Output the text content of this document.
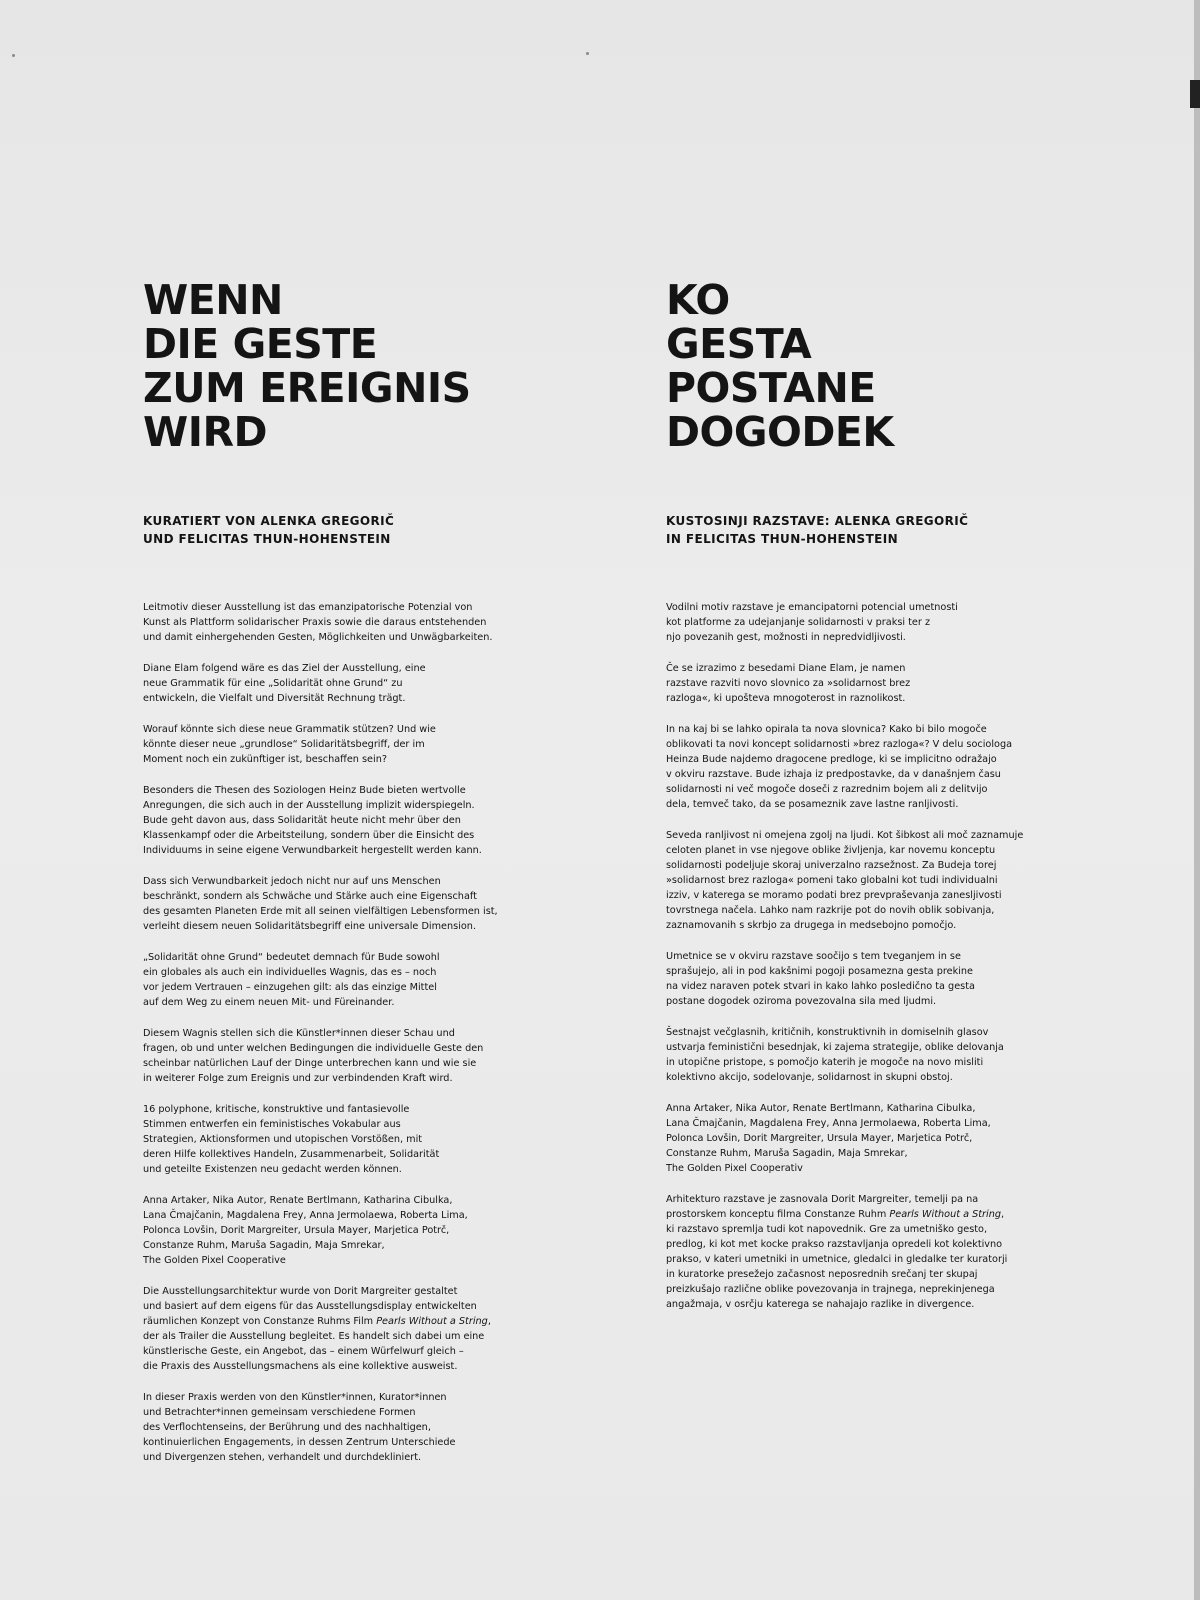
WENN
DIE GESTE
ZUM EREIGNIS
WIRD
KURATIERT VON ALENKA GREGORIČ
UND FELICITAS THUN-HOHENSTEIN

Leitmotiv dieser Ausstellung ist das emanzipatorische Potenzial von
Kunst als Plattform solidarischer Praxis sowie die daraus entstehenden
und damit einhergehenden Gesten, Möglichkeiten und Unwägbarkeiten.

Diane Elam folgend wäre es das Ziel der Ausstellung, eine
neue Grammatik für eine „Solidarität ohne Grund“ zu
entwickeln, die Vielfalt und Diversität Rechnung trägt.

Worauf könnte sich diese neue Grammatik stützen? Und wie
könnte dieser neue „grundlose“ Solidaritätsbegriff, der im
Moment noch ein zukünftiger ist, beschaffen sein?

Besonders die Thesen des Soziologen Heinz Bude bieten wertvolle
Anregungen, die sich auch in der Ausstellung implizit widerspiegeln.
Bude geht davon aus, dass Solidarität heute nicht mehr über den
Klassenkampf oder die Arbeitsteilung, sondern über die Einsicht des
Individuums in seine eigene Verwundbarkeit hergestellt werden kann.

Dass sich Verwundbarkeit jedoch nicht nur auf uns Menschen
beschränkt, sondern als Schwäche und Stärke auch eine Eigenschaft
des gesamten Planeten Erde mit all seinen vielfältigen Lebensformen ist,
verleiht diesem neuen Solidaritätsbegriff eine universale Dimension.

„Solidarität ohne Grund“ bedeutet demnach für Bude sowohl
ein globales als auch ein individuelles Wagnis, das es – noch
vor jedem Vertrauen – einzugehen gilt: als das einzige Mittel
auf dem Weg zu einem neuen Mit- und Füreinander.

Diesem Wagnis stellen sich die Künstler*innen dieser Schau und
fragen, ob und unter welchen Bedingungen die individuelle Geste den
scheinbar natürlichen Lauf der Dinge unterbrechen kann und wie sie
in weiterer Folge zum Ereignis und zur verbindenden Kraft wird.

16 polyphone, kritische, konstruktive und fantasievolle
Stimmen entwerfen ein feministisches Vokabular aus
Strategien, Aktionsformen und utopischen Vorstößen, mit
deren Hilfe kollektives Handeln, Zusammenarbeit, Solidarität
und geteilte Existenzen neu gedacht werden können.

Anna Artaker, Nika Autor, Renate Bertlmann, Katharina Cibulka,
Lana Čmajčanin, Magdalena Frey, Anna Jermolaewa, Roberta Lima,
Polonca Lovšin, Dorit Margreiter, Ursula Mayer, Marjetica Potrč,
Constanze Ruhm, Maruša Sagadin, Maja Smrekar,
The Golden Pixel Cooperative

Die Ausstellungsarchitektur wurde von Dorit Margreiter gestaltet
und basiert auf dem eigens für das Ausstellungsdisplay entwickelten
räumlichen Konzept von Constanze Ruhms Film Pearls Without a String,
der als Trailer die Ausstellung begleitet. Es handelt sich dabei um eine
künstlerische Geste, ein Angebot, das – einem Würfelwurf gleich –
die Praxis des Ausstellungsmachens als eine kollektive ausweist.

In dieser Praxis werden von den Künstler*innen, Kurator*innen
und Betrachter*innen gemeinsam verschiedene Formen
des Verflochtenseins, der Berührung und des nachhaltigen,
kontinuierlichen Engagements, in dessen Zentrum Unterschiede
und Divergenzen stehen, verhandelt und durchdekliniert.

KO
GESTA
POSTANE
DOGODEK
KUSTOSINJI RAZSTAVE: ALENKA GREGORIČ
IN FELICITAS THUN-HOHENSTEIN

Vodilni motiv razstave je emancipatorni potencial umetnosti
kot platforme za udejanjanje solidarnosti v praksi ter z
njo povezanih gest, možnosti in nepredvidljivosti.

Če se izrazimo z besedami Diane Elam, je namen
razstave razviti novo slovnico za »solidarnost brez
razloga«, ki upošteva mnogoterost in raznolikost.

In na kaj bi se lahko opirala ta nova slovnica? Kako bi bilo mogoče
oblikovati ta novi koncept solidarnosti »brez razloga«? V delu sociologa
Heinza Bude najdemo dragocene predloge, ki se implicitno odražajo
v okviru razstave. Bude izhaja iz predpostavke, da v današnjem času
solidarnosti ni več mogoče doseči z razrednim bojem ali z delitvijo
dela, temveč tako, da se posameznik zave lastne ranljivosti.

Seveda ranljivost ni omejena zgolj na ljudi. Kot šibkost ali moč zaznamuje
celoten planet in vse njegove oblike življenja, kar novemu konceptu
solidarnosti podeljuje skoraj univerzalno razsežnost. Za Budeja torej
»solidarnost brez razloga« pomeni tako globalni kot tudi individualni
izziv, v katerega se moramo podati brez prevpraševanja zanesljivosti
tovrstnega načela. Lahko nam razkrije pot do novih oblik sobivanja,
zaznamovanih s skrbjo za drugega in medsebojno pomočjo.

Umetnice se v okviru razstave soočijo s tem tveganjem in se
sprašujejo, ali in pod kakšnimi pogoji posamezna gesta prekine
na videz naraven potek stvari in kako lahko posledično ta gesta
postane dogodek oziroma povezovalna sila med ljudmi.

Šestnajst večglasnih, kritičnih, konstruktivnih in domiselnih glasov
ustvarja feministični besednjak, ki zajema strategije, oblike delovanja
in utopične pristope, s pomočjo katerih je mogoče na novo misliti
kolektivno akcijo, sodelovanje, solidarnost in skupni obstoj.

Anna Artaker, Nika Autor, Renate Bertlmann, Katharina Cibulka,
Lana Čmajčanin, Magdalena Frey, Anna Jermolaewa, Roberta Lima,
Polonca Lovšin, Dorit Margreiter, Ursula Mayer, Marjetica Potrč,
Constanze Ruhm, Maruša Sagadin, Maja Smrekar,
The Golden Pixel Cooperativ

Arhitekturo razstave je zasnovala Dorit Margreiter, temelji pa na
prostorskem konceptu filma Constanze Ruhm Pearls Without a String,
ki razstavo spremlja tudi kot napovednik. Gre za umetniško gesto,
predlog, ki kot met kocke prakso razstavljanja opredeli kot kolektivno
prakso, v kateri umetniki in umetnice, gledalci in gledalke ter kuratorji
in kuratorke presežejo začasnost neposrednih srečanj ter skupaj
preizkušajo različne oblike povezovanja in trajnega, neprekinjenega
angažmaja, v osrčju katerega se nahajajo razlike in divergence.
